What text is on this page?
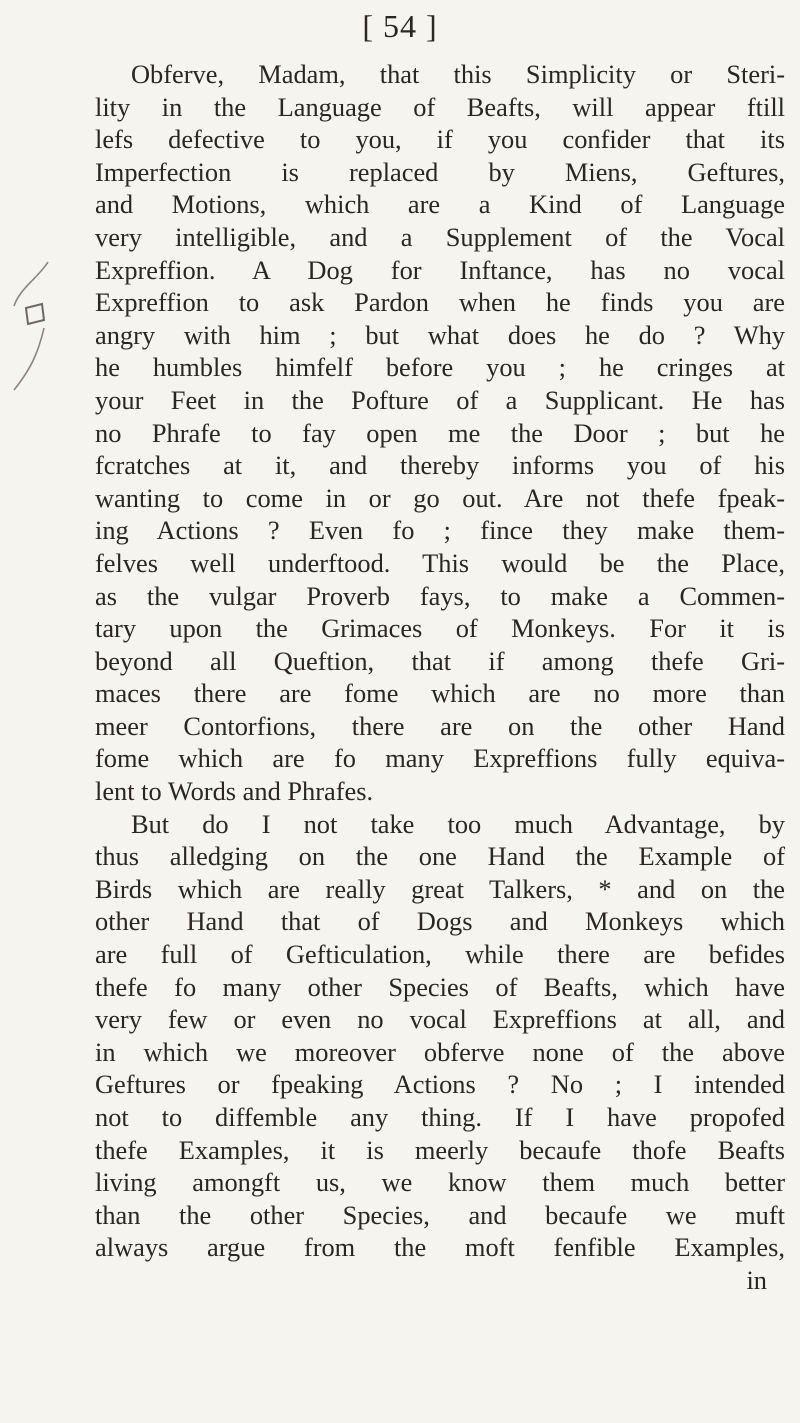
[ 54 ]
Obferve, Madam, that this Simplicity or Steri-
lity in the Language of Beafts, will appear ftill
lefs defective to you, if you confider that its
Imperfection is replaced by Miens, Geftures,
and Motions, which are a Kind of Language
very intelligible, and a Supplement of the Vocal
Expreffion. A Dog for Inftance, has no vocal
Expreffion to ask Pardon when he finds you are
angry with him ; but what does he do ? Why
he humbles himfelf before you ; he cringes at
your Feet in the Pofture of a Supplicant. He has
no Phrafe to fay open me the Door ; but he
fcratches at it, and thereby informs you of his
wanting to come in or go out. Are not thefe fpeak-
ing Actions ? Even fo ; fince they make them-
felves well underftood. This would be the Place,
as the vulgar Proverb fays, to make a Commen-
tary upon the Grimaces of Monkeys. For it is
beyond all Queftion, that if among thefe Gri-
maces there are fome which are no more than
meer Contorfions, there are on the other Hand
fome which are fo many Expreffions fully equiva-
lent to Words and Phrafes.
But do I not take too much Advantage, by
thus alledging on the one Hand the Example of
Birds which are really great Talkers, * and on the
other Hand that of Dogs and Monkeys which
are full of Gefticulation, while there are befides
thefe fo many other Species of Beafts, which have
very few or even no vocal Expreffions at all, and
in which we moreover obferve none of the above
Geftures or fpeaking Actions ? No ; I intended
not to diffemble any thing. If I have propofed
thefe Examples, it is meerly becaufe thofe Beafts
living amongft us, we know them much better
than the other Species, and becaufe we muft
always argue from the moft fenfible Examples,
in
